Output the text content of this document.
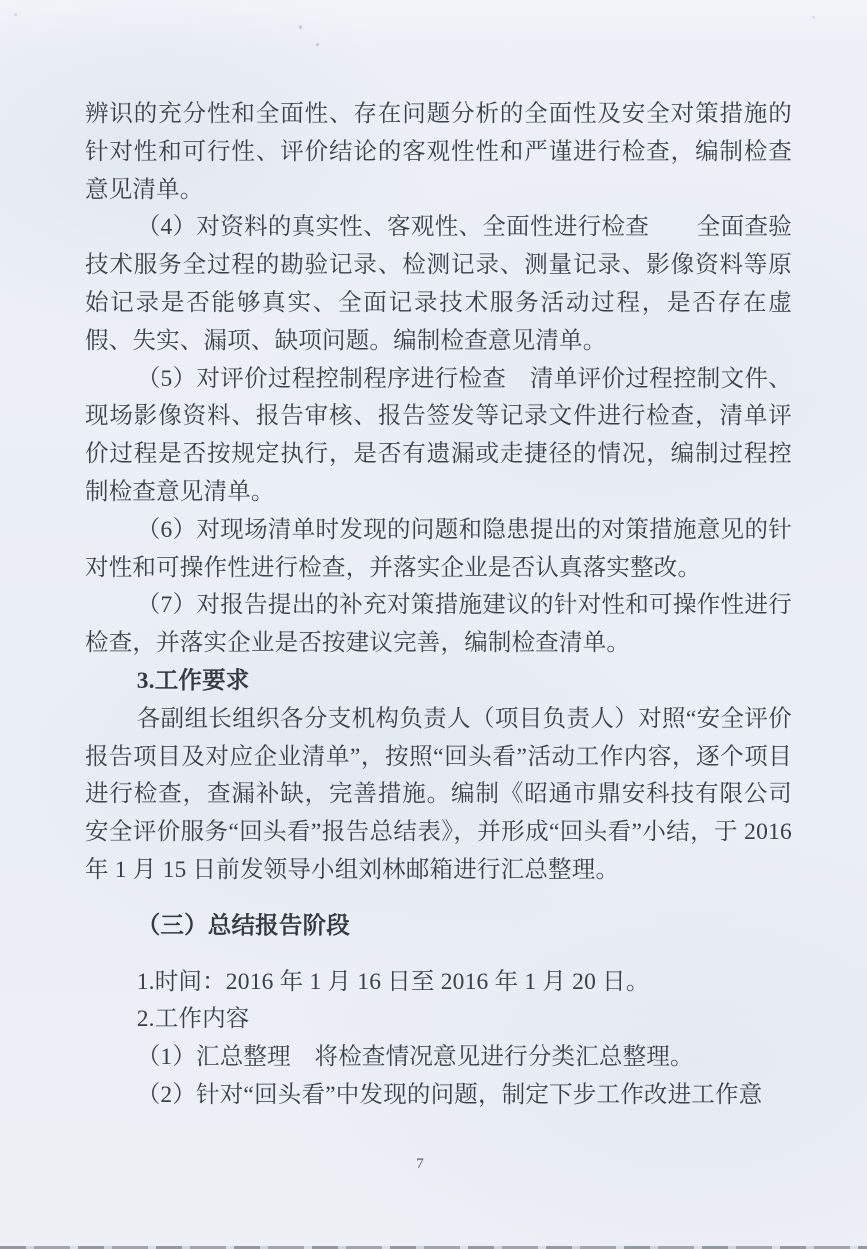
辨识的充分性和全面性、存在问题分析的全面性及安全对策措施的针对性和可行性、评价结论的客观性性和严谨进行检查，编制检查意见清单。

（4）对资料的真实性、客观性、全面性进行检查　　全面查验技术服务全过程的勘验记录、检测记录、测量记录、影像资料等原始记录是否能够真实、全面记录技术服务活动过程，是否存在虚假、失实、漏项、缺项问题。编制检查意见清单。

（5）对评价过程控制程序进行检查　清单评价过程控制文件、现场影像资料、报告审核、报告签发等记录文件进行检查，清单评价过程是否按规定执行，是否有遗漏或走捷径的情况，编制过程控制检查意见清单。

（6）对现场清单时发现的问题和隐患提出的对策措施意见的针对性和可操作性进行检查，并落实企业是否认真落实整改。

（7）对报告提出的补充对策措施建议的针对性和可操作性进行检查，并落实企业是否按建议完善，编制检查清单。

3.工作要求

各副组长组织各分支机构负责人（项目负责人）对照“安全评价报告项目及对应企业清单”，按照“回头看”活动工作内容，逐个项目进行检查，查漏补缺，完善措施。编制《昭通市鼎安科技有限公司安全评价服务“回头看”报告总结表》，并形成“回头看”小结，于 2016 年 1 月 15 日前发领导小组刘林邮箱进行汇总整理。

（三）总结报告阶段

1.时间：2016 年 1 月 16 日至 2016 年 1 月 20 日。

2.工作内容

（1）汇总整理　将检查情况意见进行分类汇总整理。

（2）针对“回头看”中发现的问题，制定下步工作改进工作意

7
